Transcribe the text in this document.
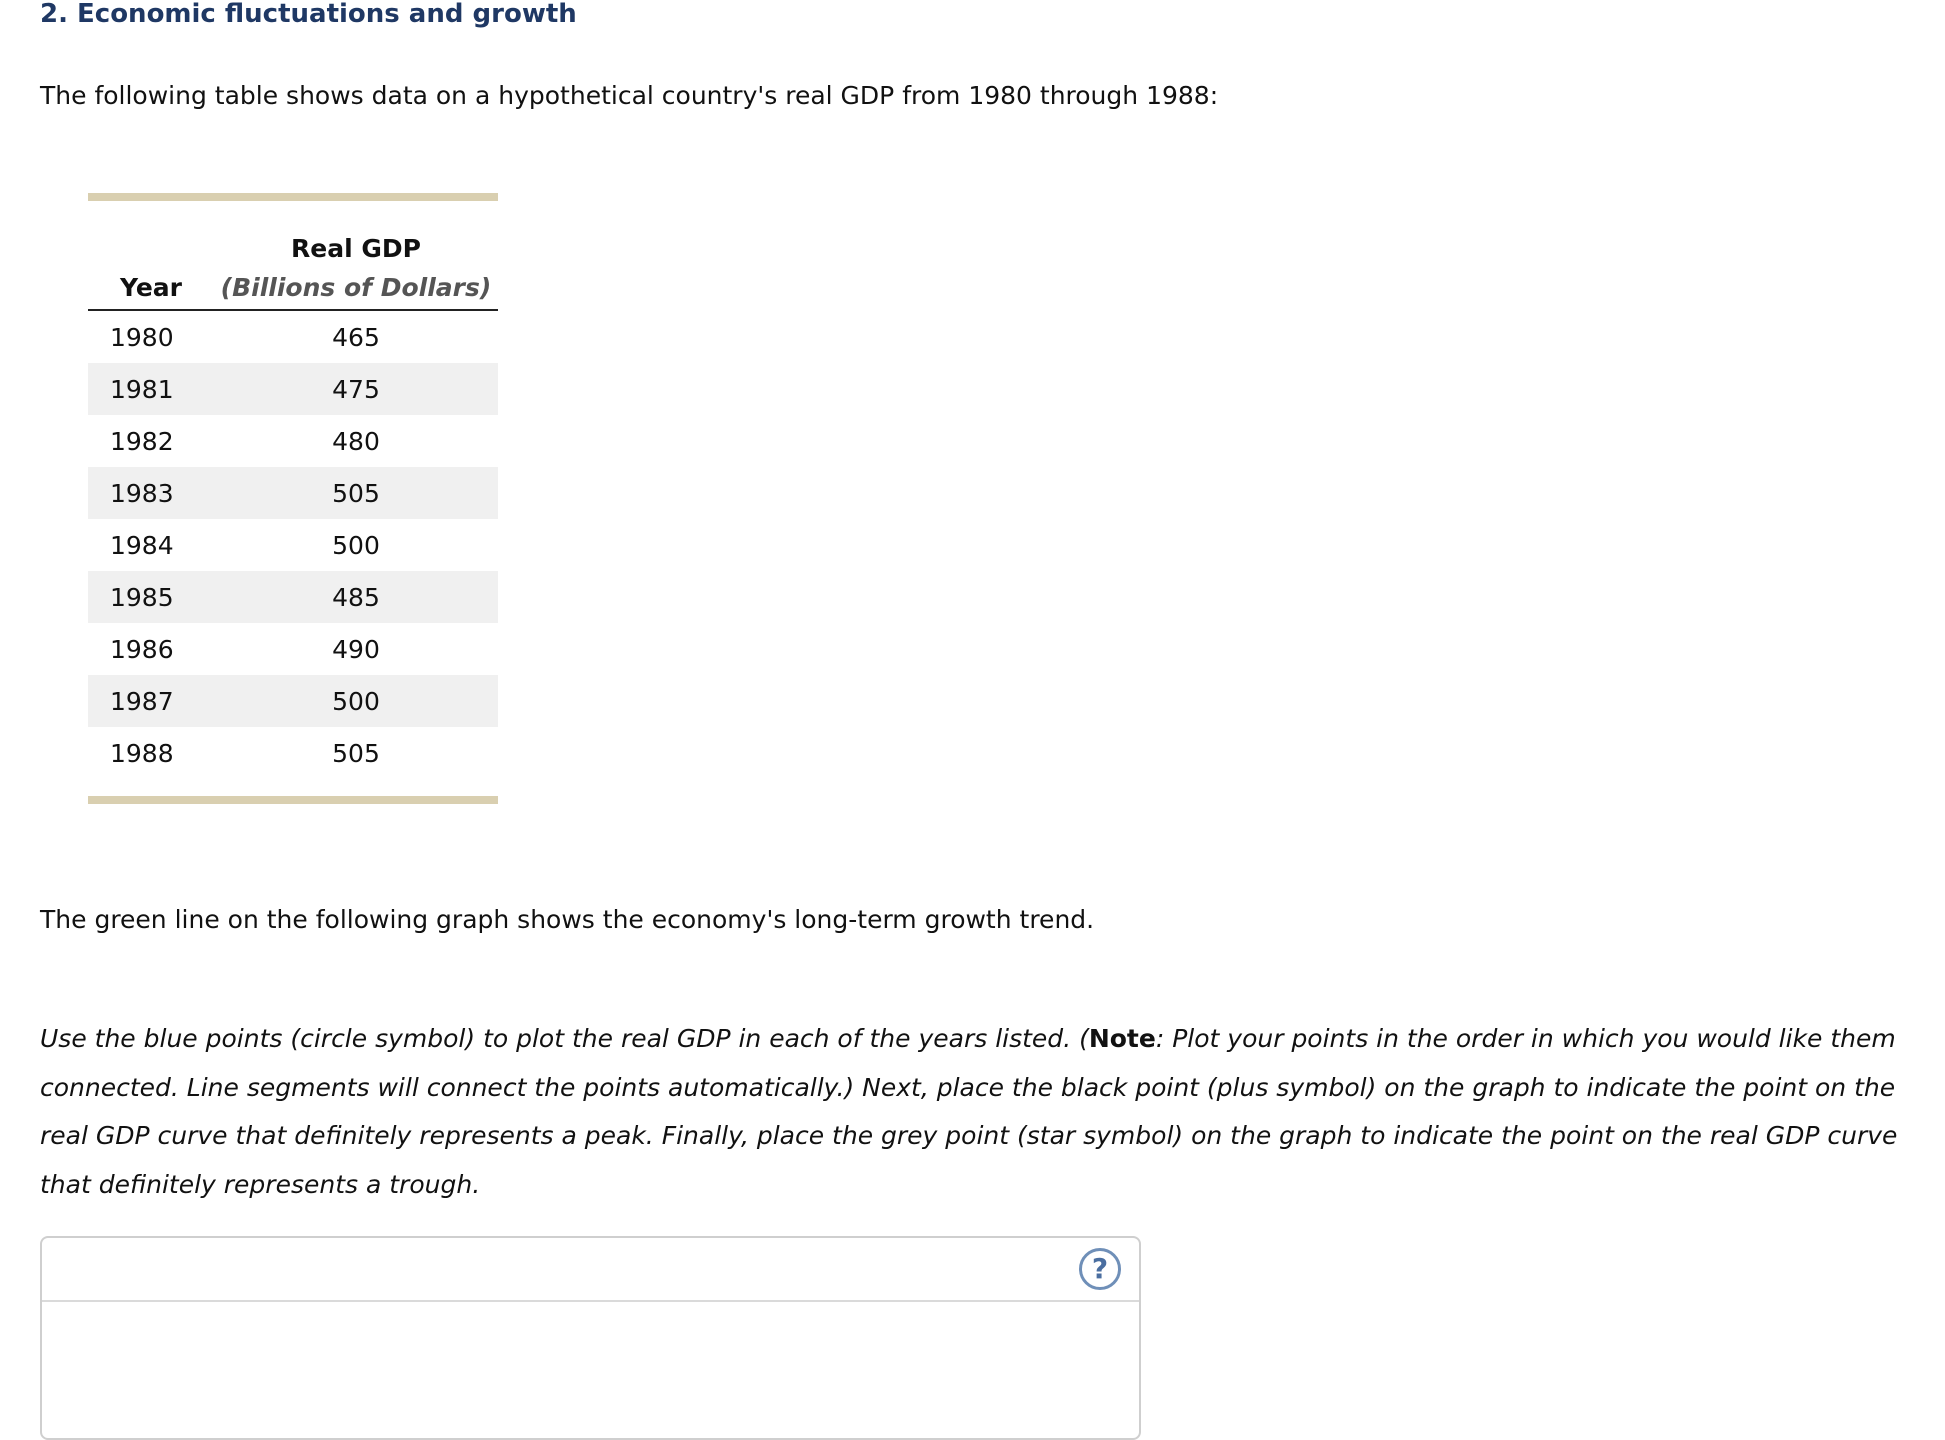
2. Economic fluctuations and growth

The following table shows data on a hypothetical country's real GDP from 1980 through 1988:

	Real GDP
Year	(Billions of Dollars)
1980	465
1981	475
1982	480
1983	505
1984	500
1985	485
1986	490
1987	500
1988	505

The green line on the following graph shows the economy's long-term growth trend.

Use the blue points (circle symbol) to plot the real GDP in each of the years listed. (Note: Plot your points in the order in which you would like them connected. Line segments will connect the points automatically.) Next, place the black point (plus symbol) on the graph to indicate the point on the real GDP curve that definitely represents a peak. Finally, place the grey point (star symbol) on the graph to indicate the point on the real GDP curve that definitely represents a trough.

?
